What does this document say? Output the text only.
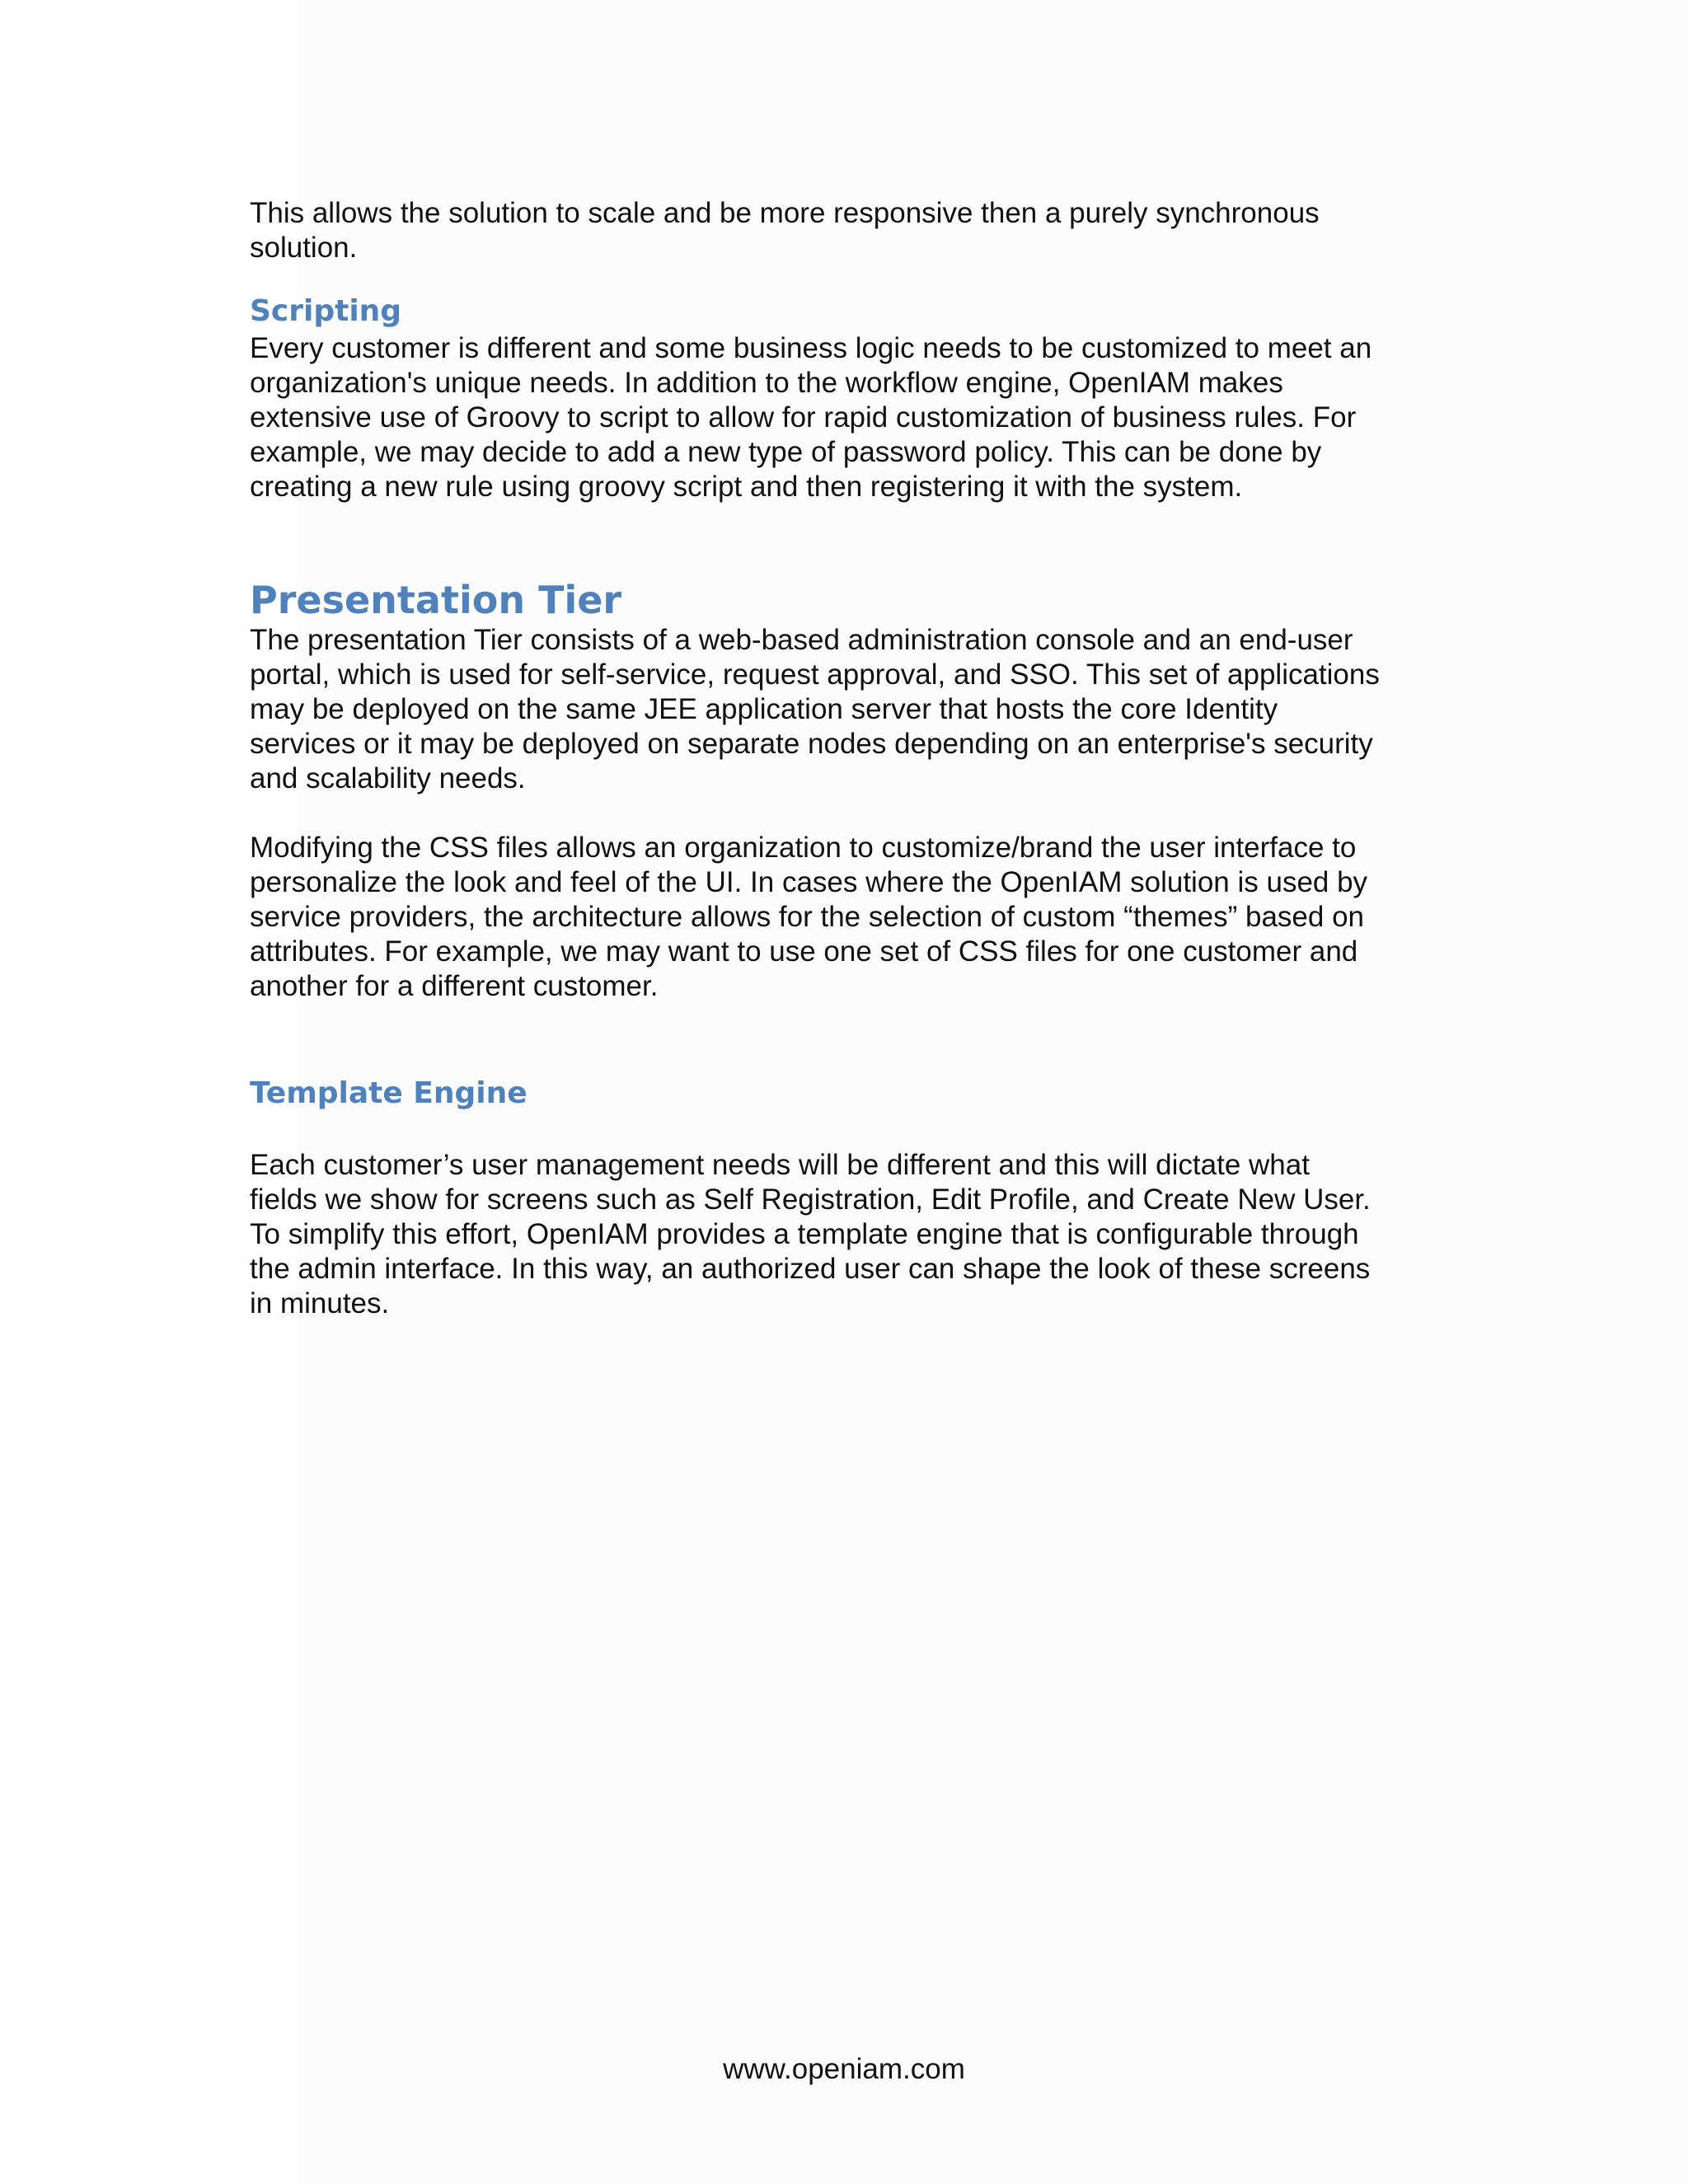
This allows the solution to scale and be more responsive then a purely synchronous
solution.

Scripting

Every customer is different and some business logic needs to be customized to meet an
organization's unique needs. In addition to the workflow engine, OpenIAM makes
extensive use of Groovy to script to allow for rapid customization of business rules. For
example, we may decide to add a new type of password policy. This can be done by
creating a new rule using groovy script and then registering it with the system.

Presentation Tier

The presentation Tier consists of a web-based administration console and an end-user
portal, which is used for self-service, request approval, and SSO. This set of applications
may be deployed on the same JEE application server that hosts the core Identity
services or it may be deployed on separate nodes depending on an enterprise's security
and scalability needs.

Modifying the CSS files allows an organization to customize/brand the user interface to
personalize the look and feel of the UI. In cases where the OpenIAM solution is used by
service providers, the architecture allows for the selection of custom “themes” based on
attributes. For example, we may want to use one set of CSS files for one customer and
another for a different customer.

Template Engine

Each customer’s user management needs will be different and this will dictate what
fields we show for screens such as Self Registration, Edit Profile, and Create New User.
To simplify this effort, OpenIAM provides a template engine that is configurable through
the admin interface. In this way, an authorized user can shape the look of these screens
in minutes.

www.openiam.com
